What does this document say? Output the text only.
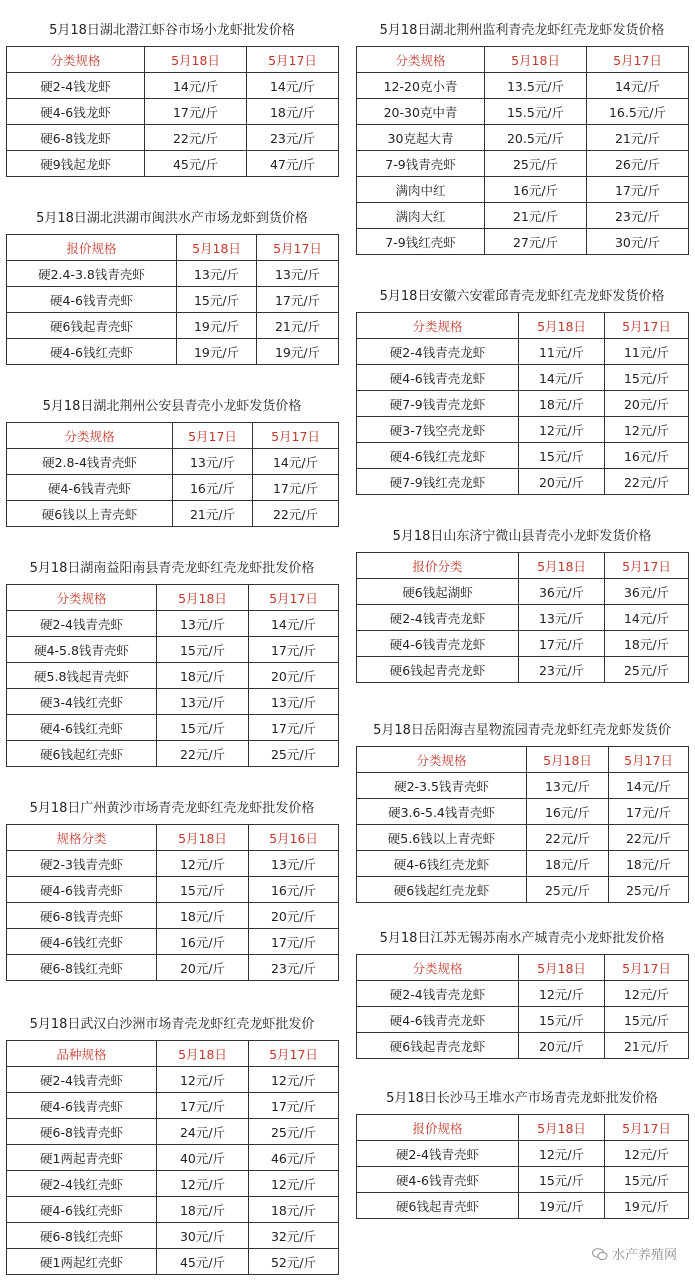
5月18日湖北潜江虾谷市场小龙虾批发价格
分类规格	5月18日	5月17日
硬2-4钱龙虾	14元/斤	14元/斤
硬4-6钱龙虾	17元/斤	18元/斤
硬6-8钱龙虾	22元/斤	23元/斤
硬9钱起龙虾	45元/斤	47元/斤
5月18日湖北洪湖市闽洪水产市场龙虾到货价格
报价规格	5月18日	5月17日
硬2.4-3.8钱青壳虾	13元/斤	13元/斤
硬4-6钱青壳虾	15元/斤	17元/斤
硬6钱起青壳虾	19元/斤	21元/斤
硬4-6钱红壳虾	19元/斤	19元/斤
5月18日湖北荆州公安县青壳小龙虾发货价格
分类规格	5月17日	5月17日
硬2.8-4钱青壳虾	13元/斤	14元/斤
硬4-6钱青壳虾	16元/斤	17元/斤
硬6钱以上青壳虾	21元/斤	22元/斤
5月18日湖南益阳南县青壳龙虾红壳龙虾批发价格
分类规格	5月18日	5月17日
硬2-4钱青壳虾	13元/斤	14元/斤
硬4-5.8钱青壳虾	15元/斤	17元/斤
硬5.8钱起青壳虾	18元/斤	20元/斤
硬3-4钱红壳虾	13元/斤	13元/斤
硬4-6钱红壳虾	15元/斤	17元/斤
硬6钱起红壳虾	22元/斤	25元/斤
5月18日广州黄沙市场青壳龙虾红壳龙虾批发价格
规格分类	5月18日	5月16日
硬2-3钱青壳虾	12元/斤	13元/斤
硬4-6钱青壳虾	15元/斤	16元/斤
硬6-8钱青壳虾	18元/斤	20元/斤
硬4-6钱红壳虾	16元/斤	17元/斤
硬6-8钱红壳虾	20元/斤	23元/斤
5月18日武汉白沙洲市场青壳龙虾红壳龙虾批发价
品种规格	5月18日	5月17日
硬2-4钱青壳虾	12元/斤	12元/斤
硬4-6钱青壳虾	17元/斤	17元/斤
硬6-8钱青壳虾	24元/斤	25元/斤
硬1两起青壳虾	40元/斤	46元/斤
硬2-4钱红壳虾	12元/斤	12元/斤
硬4-6钱红壳虾	18元/斤	18元/斤
硬6-8钱红壳虾	30元/斤	32元/斤
硬1两起红壳虾	45元/斤	52元/斤
5月18日湖北荆州监利青壳龙虾红壳龙虾发货价格
分类规格	5月18日	5月17日
12-20克小青	13.5元/斤	14元/斤
20-30克中青	15.5元/斤	16.5元/斤
30克起大青	20.5元/斤	21元/斤
7-9钱青壳虾	25元/斤	26元/斤
满肉中红	16元/斤	17元/斤
满肉大红	21元/斤	23元/斤
7-9钱红壳虾	27元/斤	30元/斤
5月18日安徽六安霍邱青壳龙虾红壳龙虾发货价格
分类规格	5月18日	5月17日
硬2-4钱青壳龙虾	11元/斤	11元/斤
硬4-6钱青壳龙虾	14元/斤	15元/斤
硬7-9钱青壳龙虾	18元/斤	20元/斤
硬3-7钱空壳龙虾	12元/斤	12元/斤
硬4-6钱红壳龙虾	15元/斤	16元/斤
硬7-9钱红壳龙虾	20元/斤	22元/斤
5月18日山东济宁微山县青壳小龙虾发货价格
报价分类	5月18日	5月17日
硬6钱起湖虾	36元/斤	36元/斤
硬2-4钱青壳龙虾	13元/斤	14元/斤
硬4-6钱青壳龙虾	17元/斤	18元/斤
硬6钱起青壳龙虾	23元/斤	25元/斤
5月18日岳阳海吉星物流园青壳龙虾红壳龙虾发货价
分类规格	5月18日	5月17日
硬2-3.5钱青壳虾	13元/斤	14元/斤
硬3.6-5.4钱青壳虾	16元/斤	17元/斤
硬5.6钱以上青壳虾	22元/斤	22元/斤
硬4-6钱红壳龙虾	18元/斤	18元/斤
硬6钱起红壳龙虾	25元/斤	25元/斤
5月18日江苏无锡苏南水产城青壳小龙虾批发价格
分类规格	5月18日	5月17日
硬2-4钱青壳龙虾	12元/斤	12元/斤
硬4-6钱青壳龙虾	15元/斤	15元/斤
硬6钱起青壳龙虾	20元/斤	21元/斤
5月18日长沙马王堆水产市场青壳龙虾批发价格
报价规格	5月18日	5月17日
硬2-4钱青壳虾	12元/斤	12元/斤
硬4-6钱青壳虾	15元/斤	15元/斤
硬6钱起青壳虾	19元/斤	19元/斤
水产养殖网
